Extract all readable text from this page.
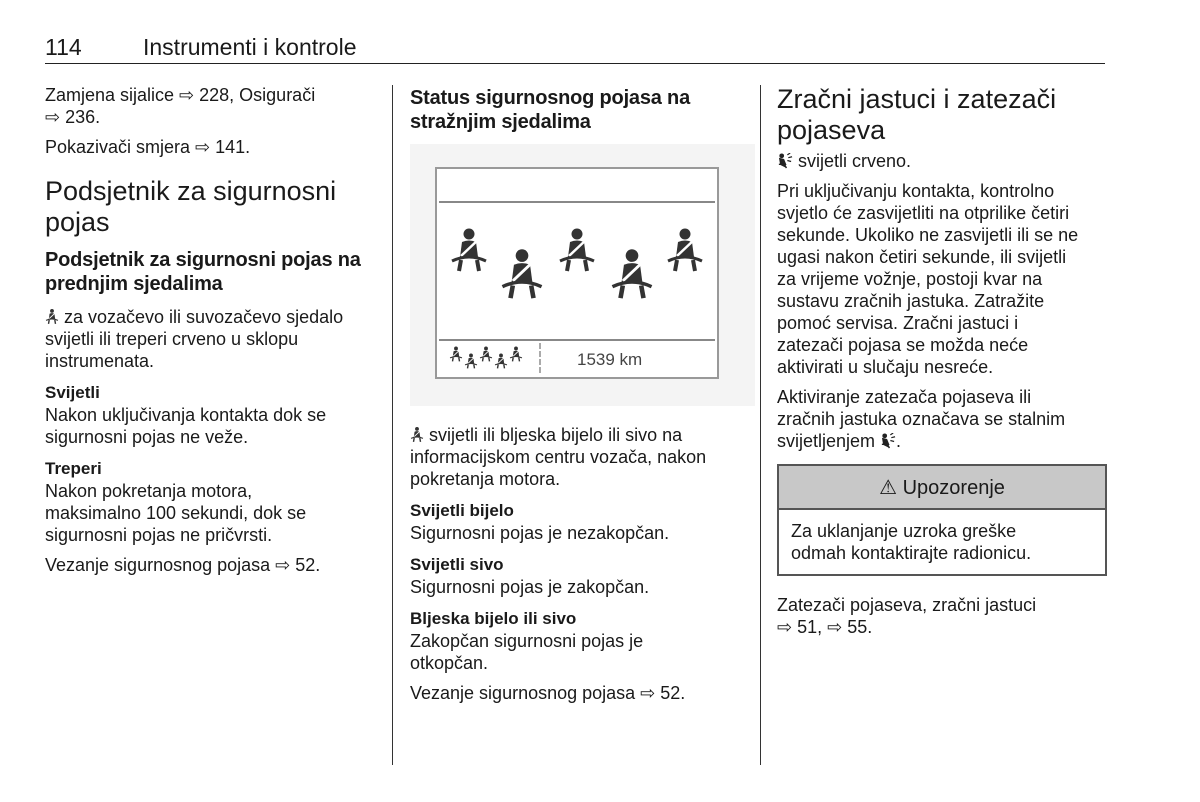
114	Instrumenti i kontrole

Zamjena sijalice ⇨ 228, Osigurači
⇨ 236.

Pokazivači smjera ⇨ 141.

Podsjetnik za sigurnosni
pojas
Podsjetnik za sigurnosni pojas na
prednjim sjedalima

za vozačevo ili suvozačevo sjedalo
svijetli ili treperi crveno u sklopu
instrumenata.

Svijetli

Nakon uključivanja kontakta dok se
sigurnosni pojas ne veže.

Treperi

Nakon pokretanja motora,
maksimalno 100 sekundi, dok se
sigurnosni pojas ne pričvrsti.

Vezanje sigurnosnog pojasa ⇨ 52.

Status sigurnosnog pojasa na
stražnjim sjedalima
1539 km

svijetli ili bljeska bijelo ili sivo na
informacijskom centru vozača, nakon
pokretanja motora.

Svijetli bijelo

Sigurnosni pojas je nezakopčan.

Svijetli sivo

Sigurnosni pojas je zakopčan.

Bljeska bijelo ili sivo

Zakopčan sigurnosni pojas je
otkopčan.

Vezanje sigurnosnog pojasa ⇨ 52.

Zračni jastuci i zatezači
pojaseva

svijetli crveno.

Pri uključivanju kontakta, kontrolno
svjetlo će zasvijetliti na otprilike četiri
sekunde. Ukoliko ne zasvijetli ili se ne
ugasi nakon četiri sekunde, ili svijetli
za vrijeme vožnje, postoji kvar na
sustavu zračnih jastuka. Zatražite
pomoć servisa. Zračni jastuci i
zatezači pojasa se možda neće
aktivirati u slučaju nesreće.

Aktiviranje zatezača pojaseva ili
zračnih jastuka označava se stalnim
svijetljenjem .

⚠ Upozorenje
Za uklanjanje uzroka greške
odmah kontaktirajte radionicu.

Zatezači pojaseva, zračni jastuci
⇨ 51, ⇨ 55.
